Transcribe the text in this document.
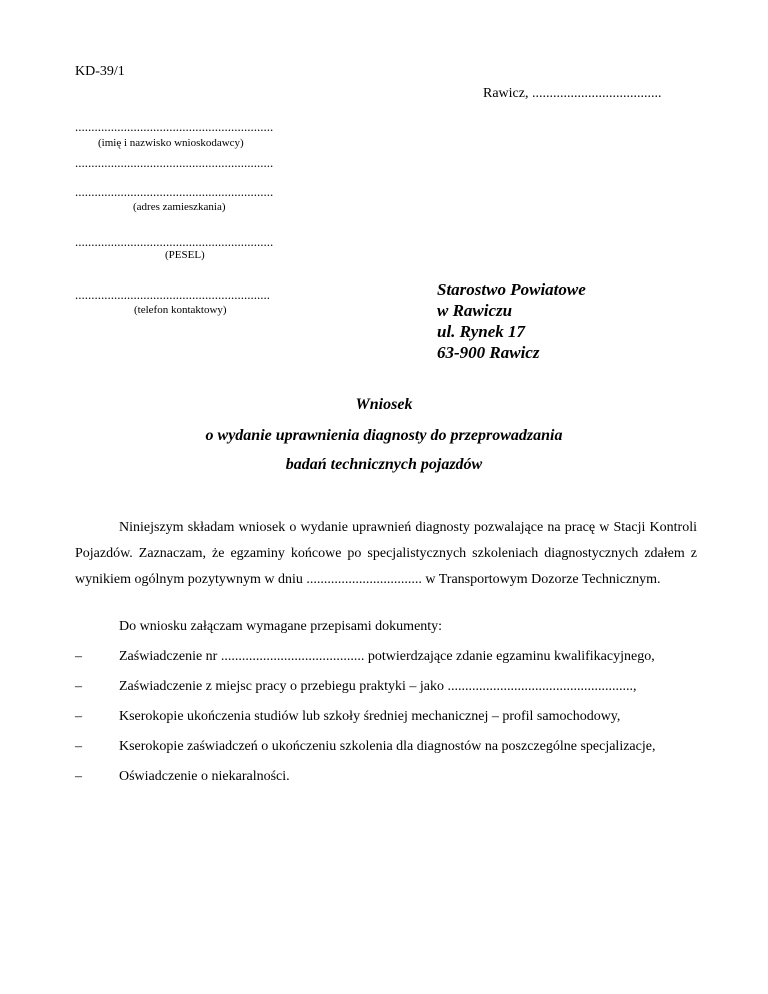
KD-39/1
Rawicz, .....................................
.............................................................
(imię i nazwisko wnioskodawcy)
.............................................................
.............................................................
(adres zamieszkania)
.............................................................
(PESEL)
............................................................
(telefon kontaktowy)
Starostwo Powiatowe
w Rawiczu
ul. Rynek 17
63-900 Rawicz
Wniosek
o wydanie uprawnienia diagnosty do przeprowadzania
badań technicznych pojazdów
Niniejszym składam wniosek o wydanie uprawnień diagnosty pozwalające na pracę w Stacji Kontroli Pojazdów. Zaznaczam, że egzaminy końcowe po specjalistycznych szkoleniach diagnostycznych zdałem z wynikiem ogólnym pozytywnym w dniu ................................. w Transportowym Dozorze Technicznym.
Do wniosku załączam wymagane przepisami dokumenty:
–	Zaświadczenie nr ......................................... potwierdzające zdanie egzaminu kwalifikacyjnego,
–	Zaświadczenie z miejsc pracy o przebiegu praktyki – jako .....................................................,
–	Kserokopie ukończenia studiów lub szkoły średniej mechanicznej – profil samochodowy,
–	Kserokopie zaświadczeń o ukończeniu szkolenia dla diagnostów na poszczególne specjalizacje,
–	Oświadczenie o niekaralności.
